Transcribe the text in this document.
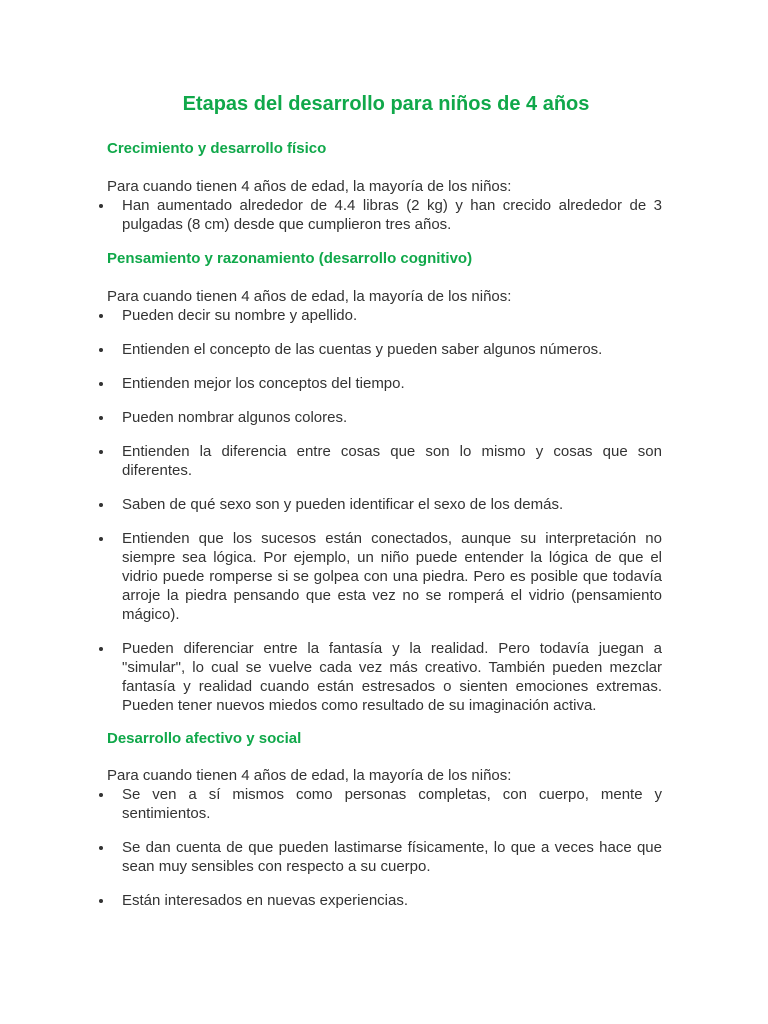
Etapas del desarrollo para niños de 4 años
Crecimiento y desarrollo físico

Para cuando tienen 4 años de edad, la mayoría de los niños:

Han aumentado alrededor de 4.4 libras (2 kg) y han crecido alrededor de 3 pulgadas (8 cm) desde que cumplieron tres años.
Pensamiento y razonamiento (desarrollo cognitivo)

Para cuando tienen 4 años de edad, la mayoría de los niños:

Pueden decir su nombre y apellido.
Entienden el concepto de las cuentas y pueden saber algunos números.
Entienden mejor los conceptos del tiempo.
Pueden nombrar algunos colores.
Entienden la diferencia entre cosas que son lo mismo y cosas que son diferentes.
Saben de qué sexo son y pueden identificar el sexo de los demás.
Entienden que los sucesos están conectados, aunque su interpretación no siempre sea lógica. Por ejemplo, un niño puede entender la lógica de que el vidrio puede romperse si se golpea con una piedra. Pero es posible que todavía arroje la piedra pensando que esta vez no se romperá el vidrio (pensamiento mágico).
Pueden diferenciar entre la fantasía y la realidad. Pero todavía juegan a "simular", lo cual se vuelve cada vez más creativo. También pueden mezclar fantasía y realidad cuando están estresados o sienten emociones extremas. Pueden tener nuevos miedos como resultado de su imaginación activa.
Desarrollo afectivo y social

Para cuando tienen 4 años de edad, la mayoría de los niños:

Se ven a sí mismos como personas completas, con cuerpo, mente y sentimientos.
Se dan cuenta de que pueden lastimarse físicamente, lo que a veces hace que sean muy sensibles con respecto a su cuerpo.
Están interesados en nuevas experiencias.
